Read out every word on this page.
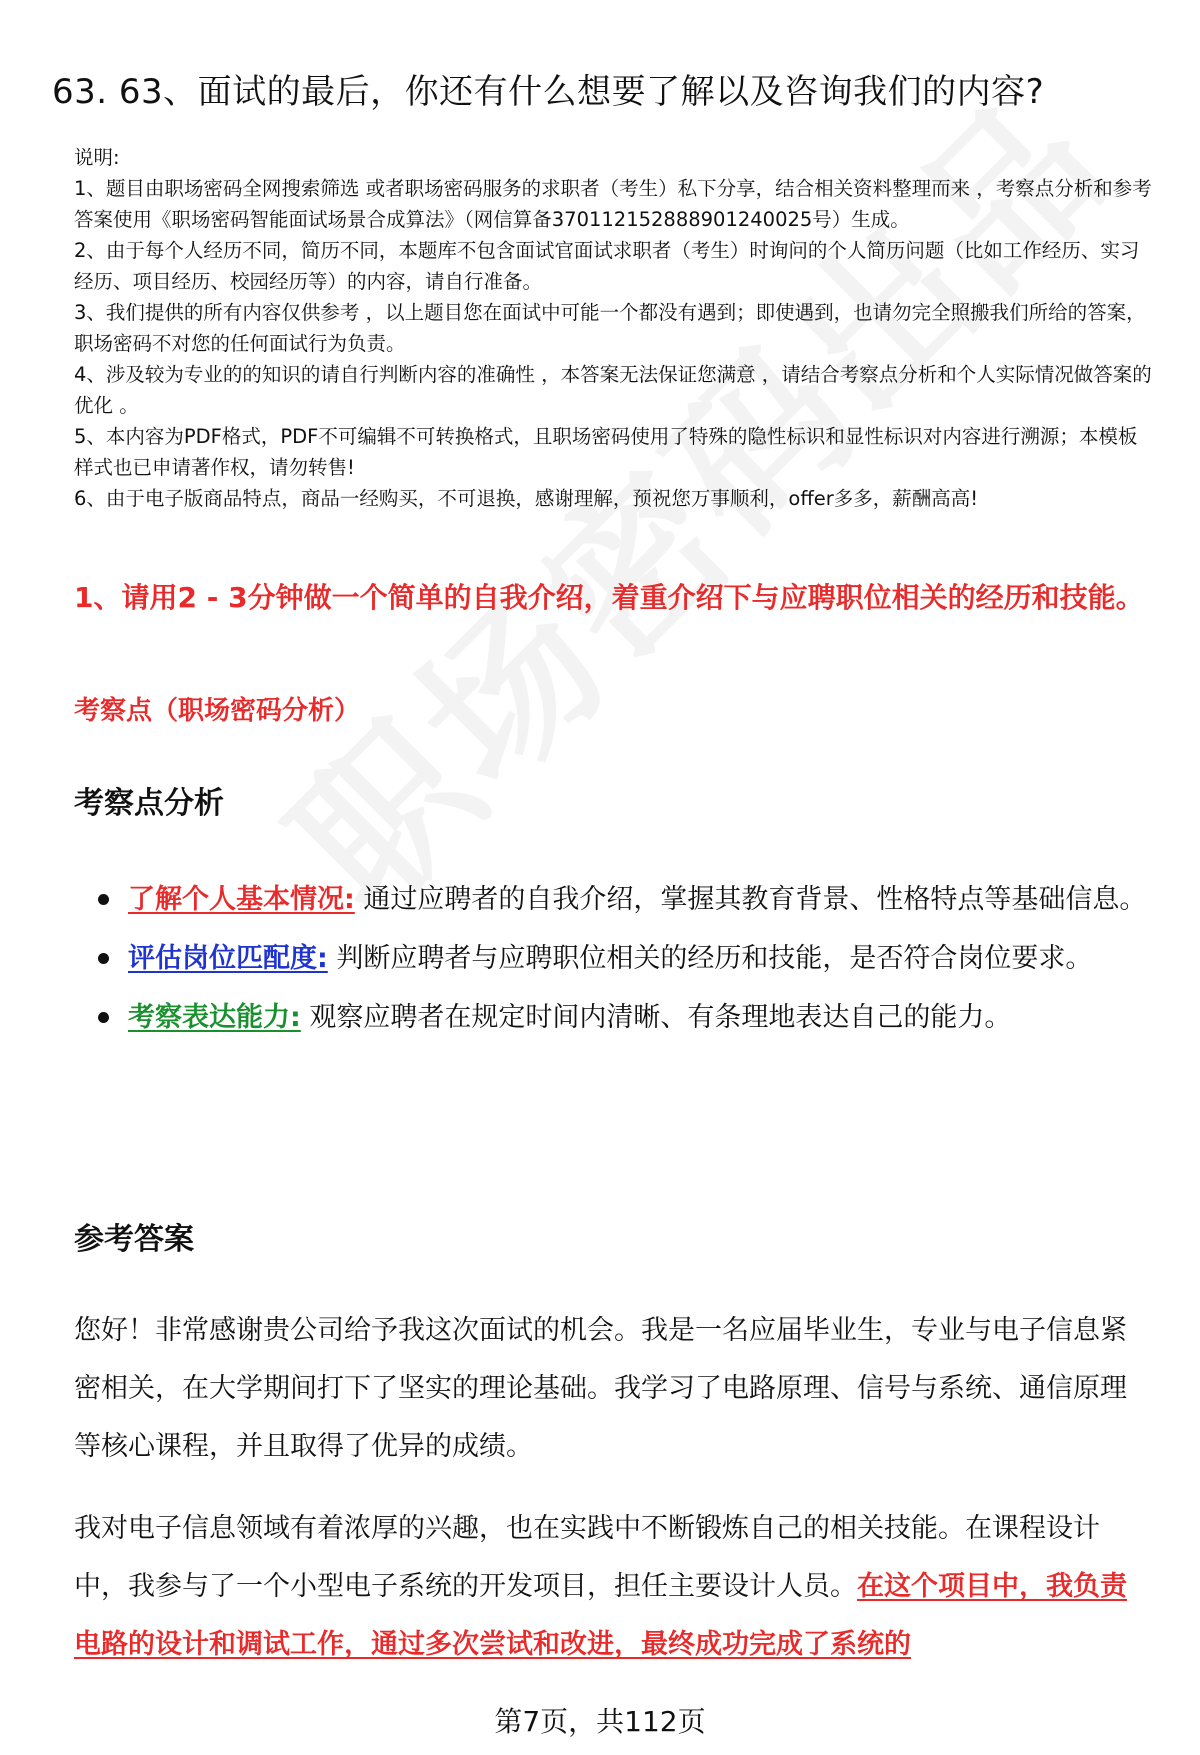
63. 63、面试的最后，你还有什么想要了解以及咨询我们的内容?

说明:

1、题目由职场密码全网搜索筛选 或者职场密码服务的求职者（考生）私下分享，结合相关资料整理而来 ，考察点分析和参考答案使用《职场密码智能面试场景合成算法》（网信算备370112152888901240025号）生成。

2、由于每个人经历不同，简历不同，本题库不包含面试官面试求职者（考生）时询问的个人简历问题（比如工作经历、实习经历、项目经历、校园经历等）的内容，请自行准备。

3、我们提供的所有内容仅供参考 ，以上题目您在面试中可能一个都没有遇到；即使遇到，也请勿完全照搬我们所给的答案，职场密码不对您的任何面试行为负责。

4、涉及较为专业的的知识的请自行判断内容的准确性 ，本答案无法保证您满意 ，请结合考察点分析和个人实际情况做答案的优化 。

5、本内容为PDF格式，PDF不可编辑不可转换格式，且职场密码使用了特殊的隐性标识和显性标识对内容进行溯源；本模板样式也已申请著作权，请勿转售!

6、由于电子版商品特点，商品一经购买，不可退换，感谢理解，预祝您万事顺利，offer多多，薪酬高高!

1、请用2 - 3分钟做一个简单的自我介绍，着重介绍下与应聘职位相关的经历和技能。
考察点（职场密码分析）
考察点分析
了解个人基本情况: 通过应聘者的自我介绍，掌握其教育背景、性格特点等基础信息。
评估岗位匹配度: 判断应聘者与应聘职位相关的经历和技能，是否符合岗位要求。
考察表达能力: 观察应聘者在规定时间内清晰、有条理地表达自己的能力。
参考答案

您好！非常感谢贵公司给予我这次面试的机会。我是一名应届毕业生，专业与电子信息紧密相关，在大学期间打下了坚实的理论基础。我学习了电路原理、信号与系统、通信原理等核心课程，并且取得了优异的成绩。

我对电子信息领域有着浓厚的兴趣，也在实践中不断锻炼自己的相关技能。在课程设计中，我参与了一个小型电子系统的开发项目，担任主要设计人员。在这个项目中，我负责电路的设计和调试工作，通过多次尝试和改进，最终成功完成了系统的

第7页，共112页
